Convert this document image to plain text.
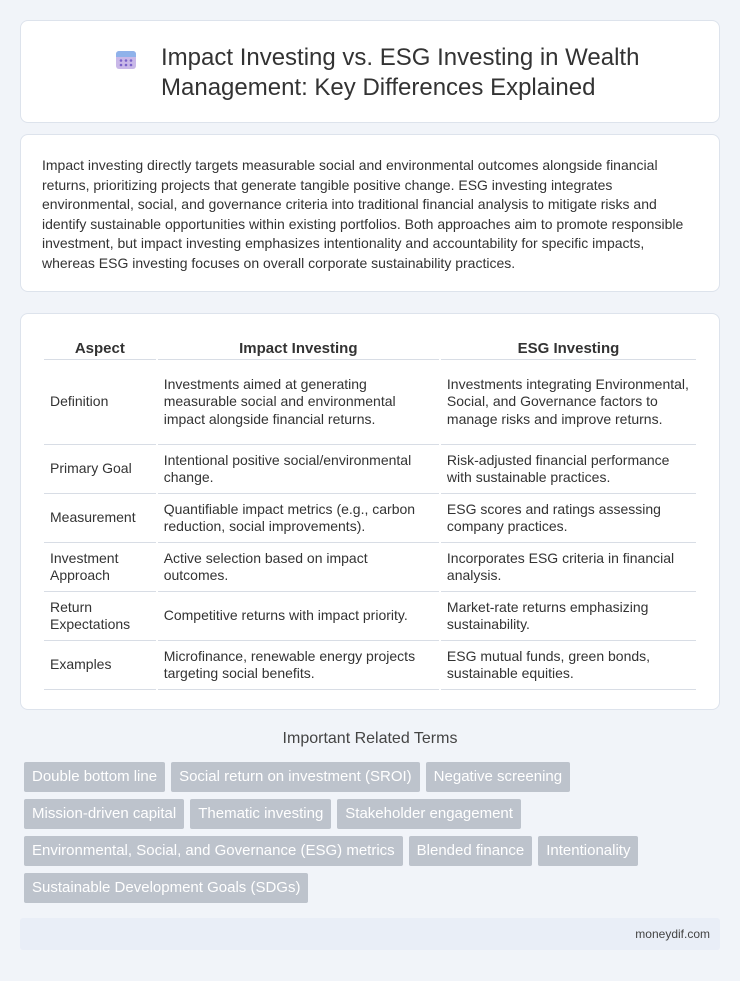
Impact Investing vs. ESG Investing in Wealth Management: Key Differences Explained

Impact investing directly targets measurable social and environmental outcomes alongside financial returns, prioritizing projects that generate tangible positive change. ESG investing integrates environmental, social, and governance criteria into traditional financial analysis to mitigate risks and identify sustainable opportunities within existing portfolios. Both approaches aim to promote responsible investment, but impact investing emphasizes intentionality and accountability for specific impacts, whereas ESG investing focuses on overall corporate sustainability practices.

Aspect	Impact Investing	ESG Investing
Definition	Investments aimed at generating measurable social and environmental impact alongside financial returns.	Investments integrating Environmental, Social, and Governance factors to manage risks and improve returns.
Primary Goal	Intentional positive social/environmental change.	Risk-adjusted financial performance with sustainable practices.
Measurement	Quantifiable impact metrics (e.g., carbon reduction, social improvements).	ESG scores and ratings assessing company practices.
Investment Approach	Active selection based on impact outcomes.	Incorporates ESG criteria in financial analysis.
Return Expectations	Competitive returns with impact priority.	Market-rate returns emphasizing sustainability.
Examples	Microfinance, renewable energy projects targeting social benefits.	ESG mutual funds, green bonds, sustainable equities.
Important Related Terms
Double bottom line	Social return on investment (SROI)	Negative screening
Mission-driven capital	Thematic investing	Stakeholder engagement
Environmental, Social, and Governance (ESG) metrics	Blended finance	Intentionality
Sustainable Development Goals (SDGs)
moneydif.com
